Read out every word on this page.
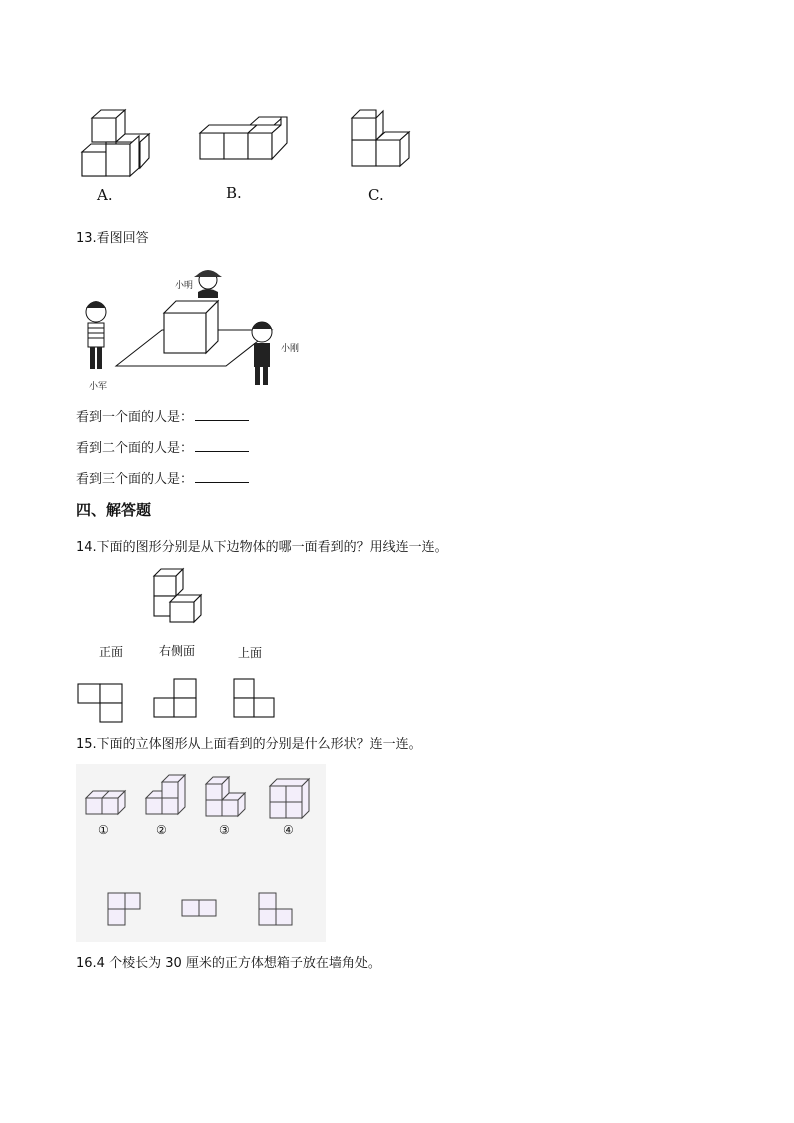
A.	B.	C.
13.看图回答
小明
小刚
小军
看到一个面的人是：
看到二个面的人是：
看到三个面的人是：
四、解答题
14.下面的图形分别是从下边物体的哪一面看到的？用线连一连。
正面	右侧面	上面
15.下面的立体图形从上面看到的分别是什么形状？连一连。
①	②	③	④
16.4 个棱长为 30 厘米的正方体想箱子放在墙角处。
